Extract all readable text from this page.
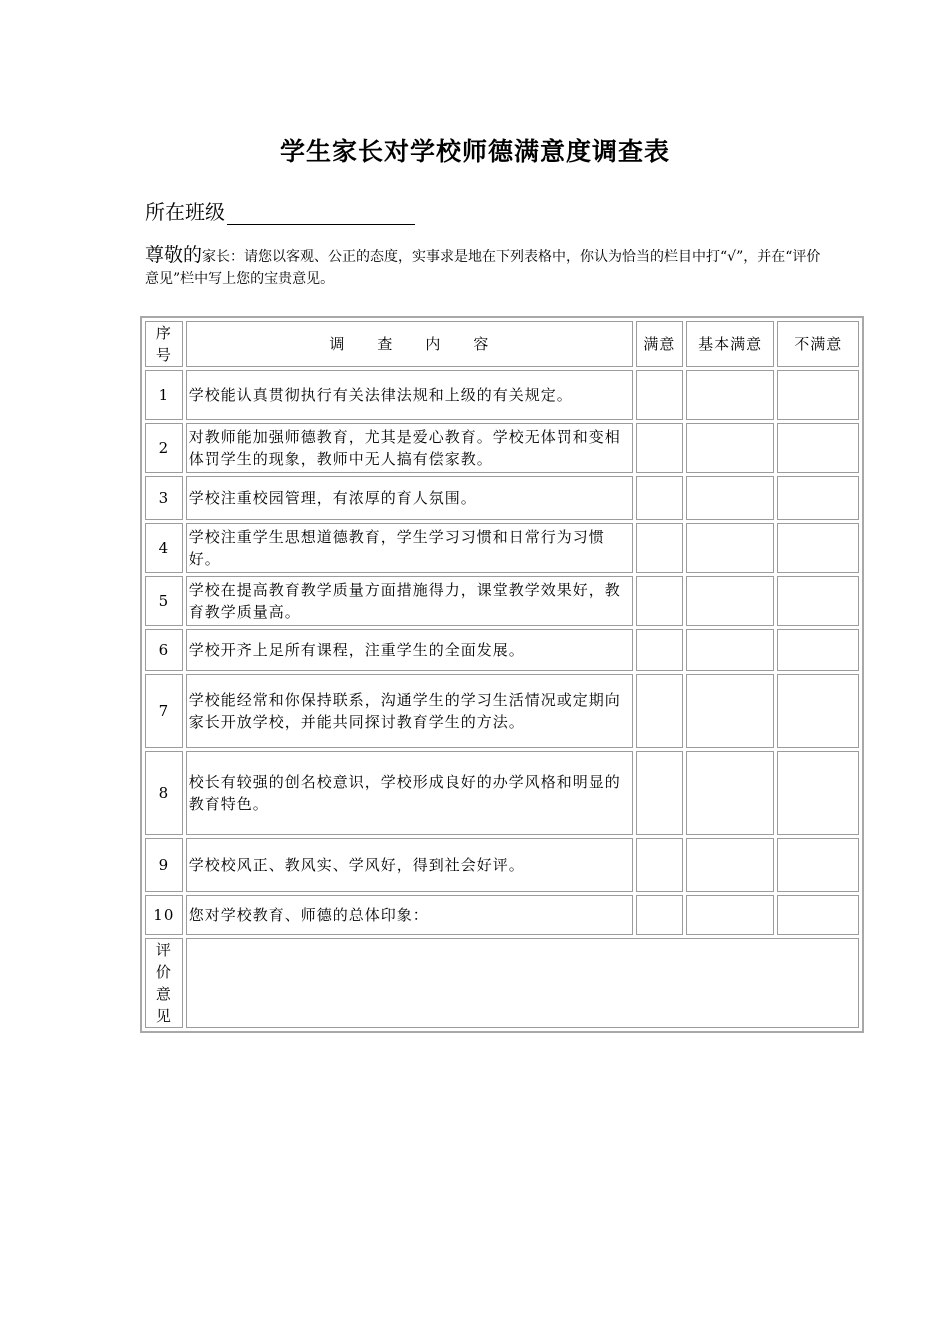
学生家长对学校师德满意度调查表
所在班级
尊敬的家长：请您以客观、公正的态度，实事求是地在下列表格中，你认为恰当的栏目中打“√”，并在“评价意见”栏中写上您的宝贵意见。
序号	调　　查　　内　　容	满意	基本满意	不满意
1	学校能认真贯彻执行有关法律法规和上级的有关规定。			
2	对教师能加强师德教育，尤其是爱心教育。学校无体罚和变相体罚学生的现象，教师中无人搞有偿家教。			
3	学校注重校园管理，有浓厚的育人氛围。			
4	学校注重学生思想道德教育，学生学习习惯和日常行为习惯好。			
5	学校在提高教育教学质量方面措施得力，课堂教学效果好，教育教学质量高。			
6	学校开齐上足所有课程，注重学生的全面发展。			
7	学校能经常和你保持联系，沟通学生的学习生活情况或定期向家长开放学校，并能共同探讨教育学生的方法。			
8	校长有较强的创名校意识，学校形成良好的办学风格和明显的教育特色。			
9	学校校风正、教风实、学风好，得到社会好评。			
10	您对学校教育、师德的总体印象：			

评价
意见				
